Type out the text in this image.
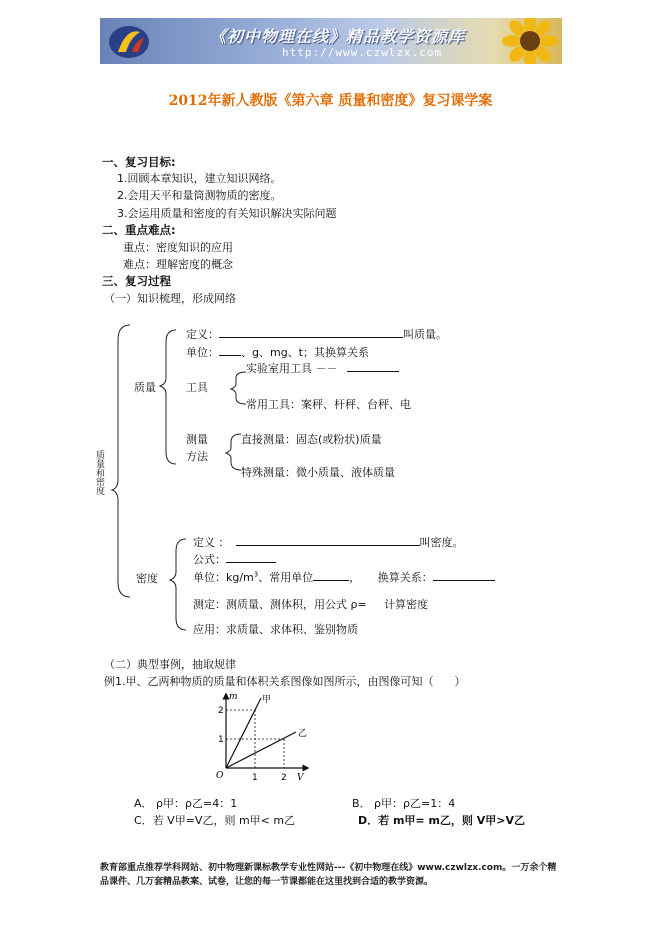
《初中物理在线》精品教学资源库
http://www.czwlzx.com
2012年新人教版《第六章 质量和密度》复习课学案
一、复习目标:
1.回顾本章知识，建立知识网络。
2.会用天平和量筒测物质的密度。
3.会运用质量和密度的有关知识解决实际问题
二、重点难点:
重点：密度知识的应用
难点：理解密度的概念
三、复习过程
（一）知识梳理，形成网络
质量和密度
质量
定义：	叫质量。
单位： 、g、mg、t；其换算关系
工具
实验室用工具 －－
常用工具：案秤、杆秤、台秤、电
测量
方法
直接测量：固态(或粉状)质量
特殊测量：微小质量、液体质量
密度
定义 ：	叫密度。
公式：
单位：$kg/m^3$、常用单位	，     换算关系：
测定：测质量、测体积，用公式 ρ=     计算密度
应用：求质量、求体积、鉴别物质
（二）典型事例，抽取规律
例1.甲、乙两种物质的质量和体积关系图像如图所示，由图像可知（      ）
m
V
O
1
2
1	2
甲
乙
A． ρ甲：ρ乙=4：1	B． ρ甲：ρ乙=1：4
C．若 V甲=V乙，则 m甲< m乙	D．若 m甲= m乙，则 V甲>V乙
教育部重点推荐学科网站、初中物理新课标教学专业性网站---《初中物理在线》www.czwlzx.com。一万余个精品课件、几万套精品教案、试卷，让您的每一节课都能在这里找到合适的教学资源。
